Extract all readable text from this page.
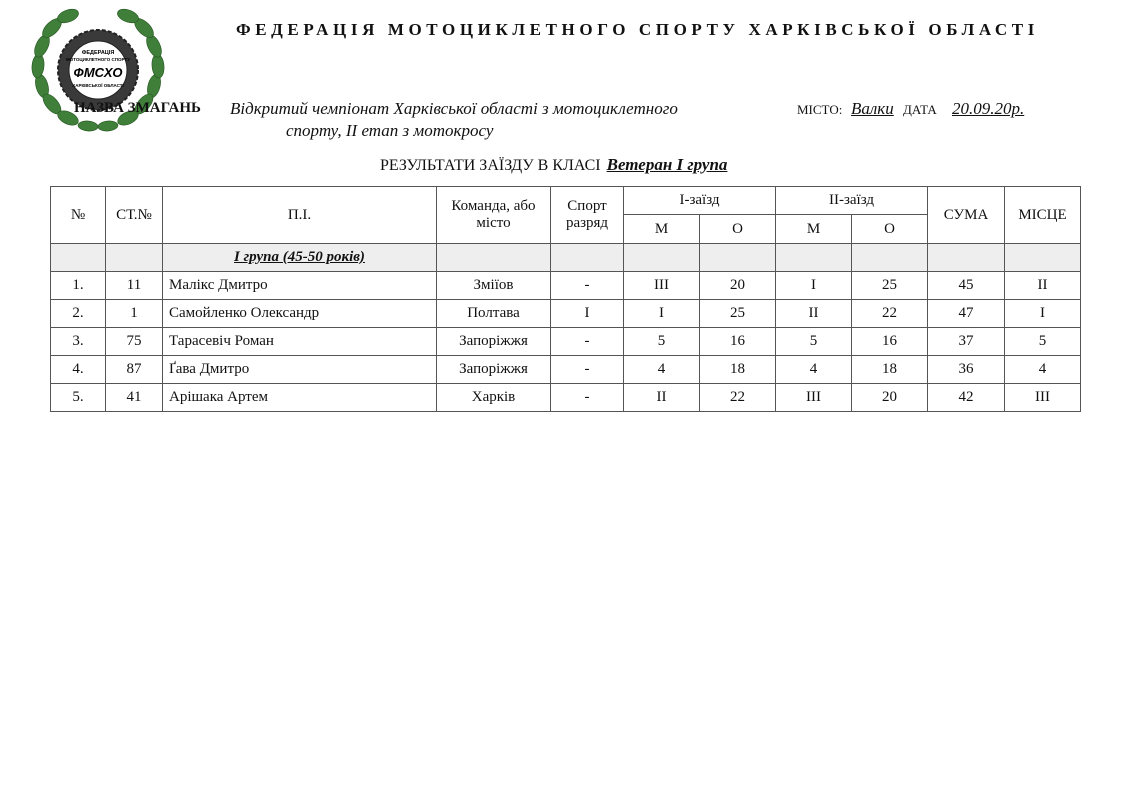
ФЕДЕРАЦІЯ
МОТОЦИКЛЕТНОГО СПОРТУ
ФМСХО
ХАРКІВСЬКОЇ ОБЛАСТІ
ФЕДЕРАЦІЯ МОТОЦИКЛЕТНОГО СПОРТУ ХАРКІВСЬКОЇ ОБЛАСТІ
НАЗВА ЗМАГАНЬ Відкритий чемпіонат Харківської області з мотоциклетного
спорту, ІІ етап з мотокросу
МІСТО: Валки ДАТА 20.09.20р.
РЕЗУЛЬТАТИ ЗАЇЗДУ В КЛАСІ Ветеран І група
№	СТ.№	П.І.	Команда, або місто	Спорт разряд	І-заїзд		ІІ-заїзд		СУМА	МІСЦЕ
					М	О	М	О		
		І група (45-50 років)								
1.	11	Малікс Дмитро	Зміїов	-	ІІІ	20	І	25	45	ІІ
2.	1	Самойленко Олександр	Полтава	І	І	25	ІІ	22	47	І
3.	75	Тарасевіч Роман	Запоріжжя	-	5	16	5	16	37	5
4.	87	Ґава Дмитро	Запоріжжя	-	4	18	4	18	36	4
5.	41	Арішака Артем	Харків	-	ІІ	22	ІІІ	20	42	ІІІ
